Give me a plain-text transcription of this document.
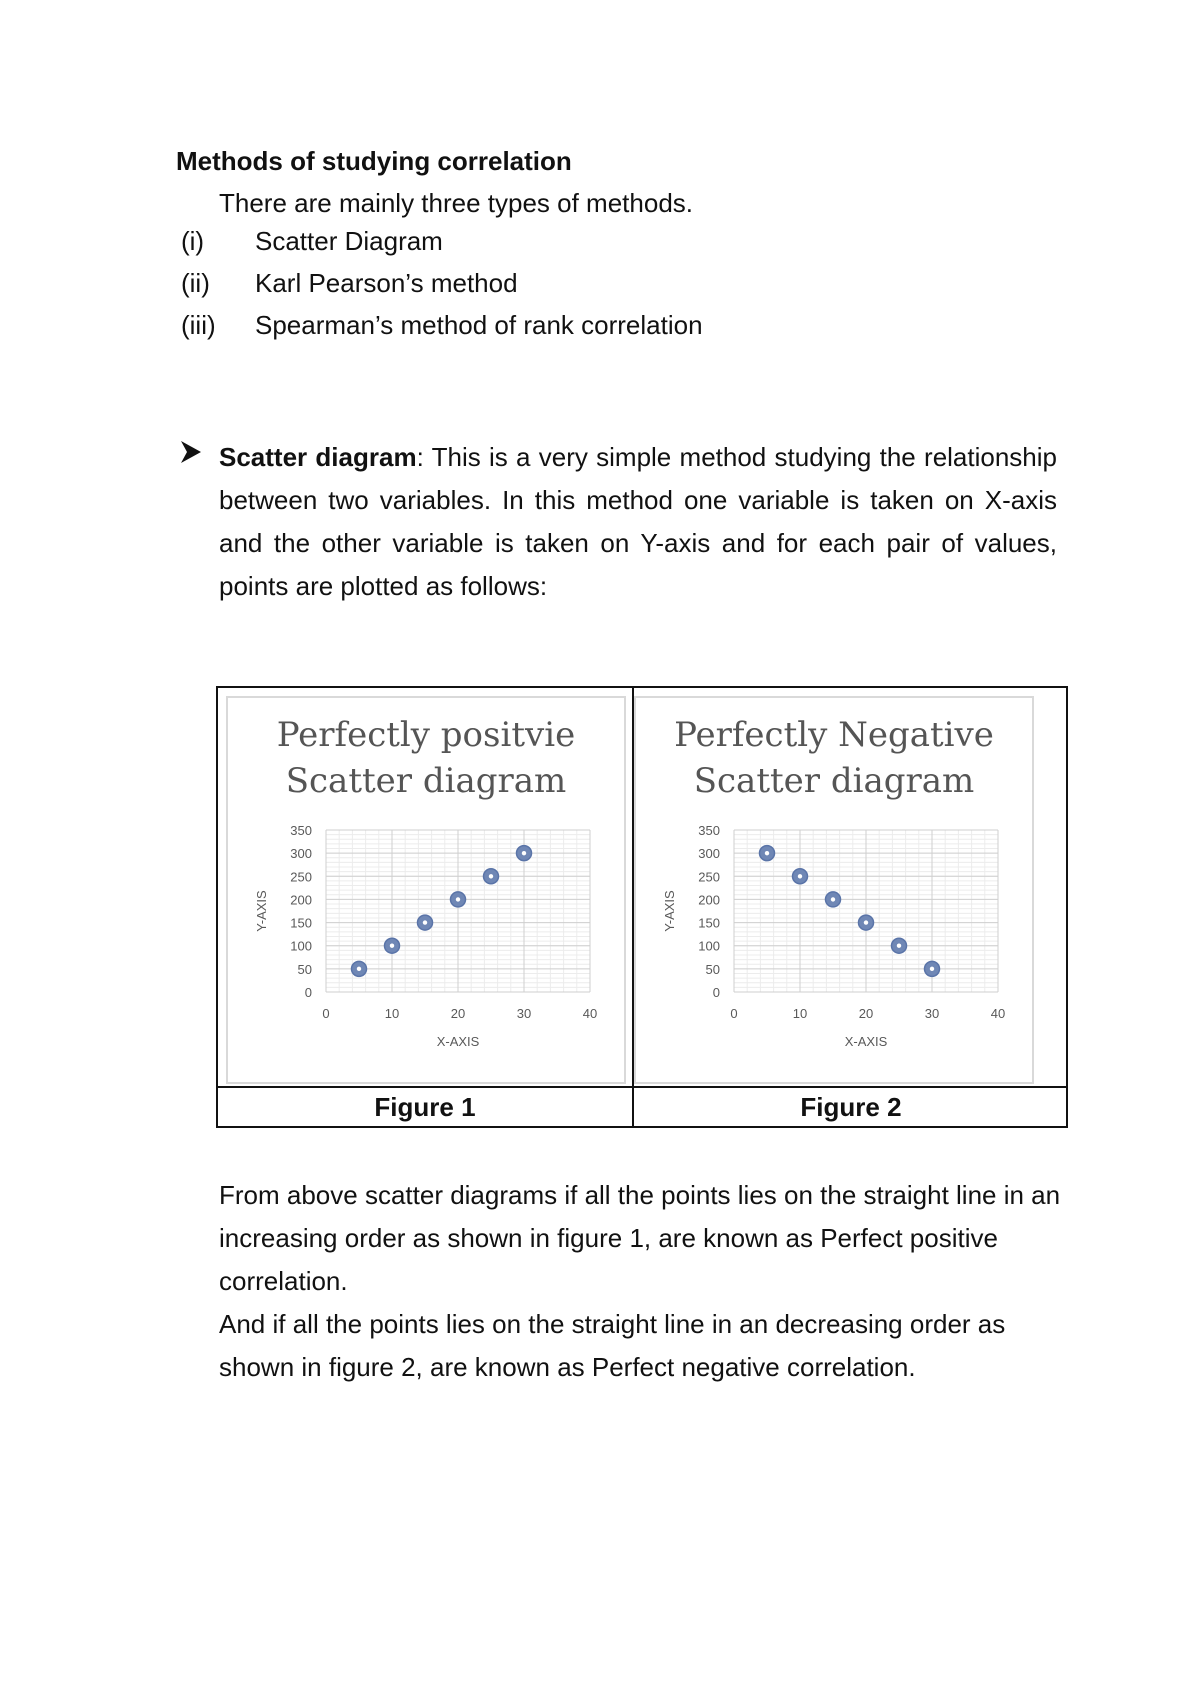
Methods of studying correlation

There are mainly three types of methods.

(i)	Scatter Diagram
(ii)	Karl Pearson’s method
(iii)	Spearman’s method of rank correlation

Scatter diagram: This is a very simple method studying the relationship between two variables. In this method one variable is taken on X-axis and the other variable is taken on Y-axis and for each pair of values, points are plotted as follows:

Perfectly positvie
Scatter diagram
0
50
100
150
200
250
300
350
0	10	20	30	40
X-AXIS
Y-AXIS
Perfectly Negative
Scatter diagram
0
50
100
150
200
250
300
350
0	10	20	30	40
X-AXIS
Y-AXIS
Figure 1	Figure 2

From above scatter diagrams if all the points lies on the straight line in an increasing order as shown in figure 1, are known as Perfect positive correlation.

And if all the points lies on the straight line in an decreasing order as shown in figure 2, are known as Perfect negative correlation.
